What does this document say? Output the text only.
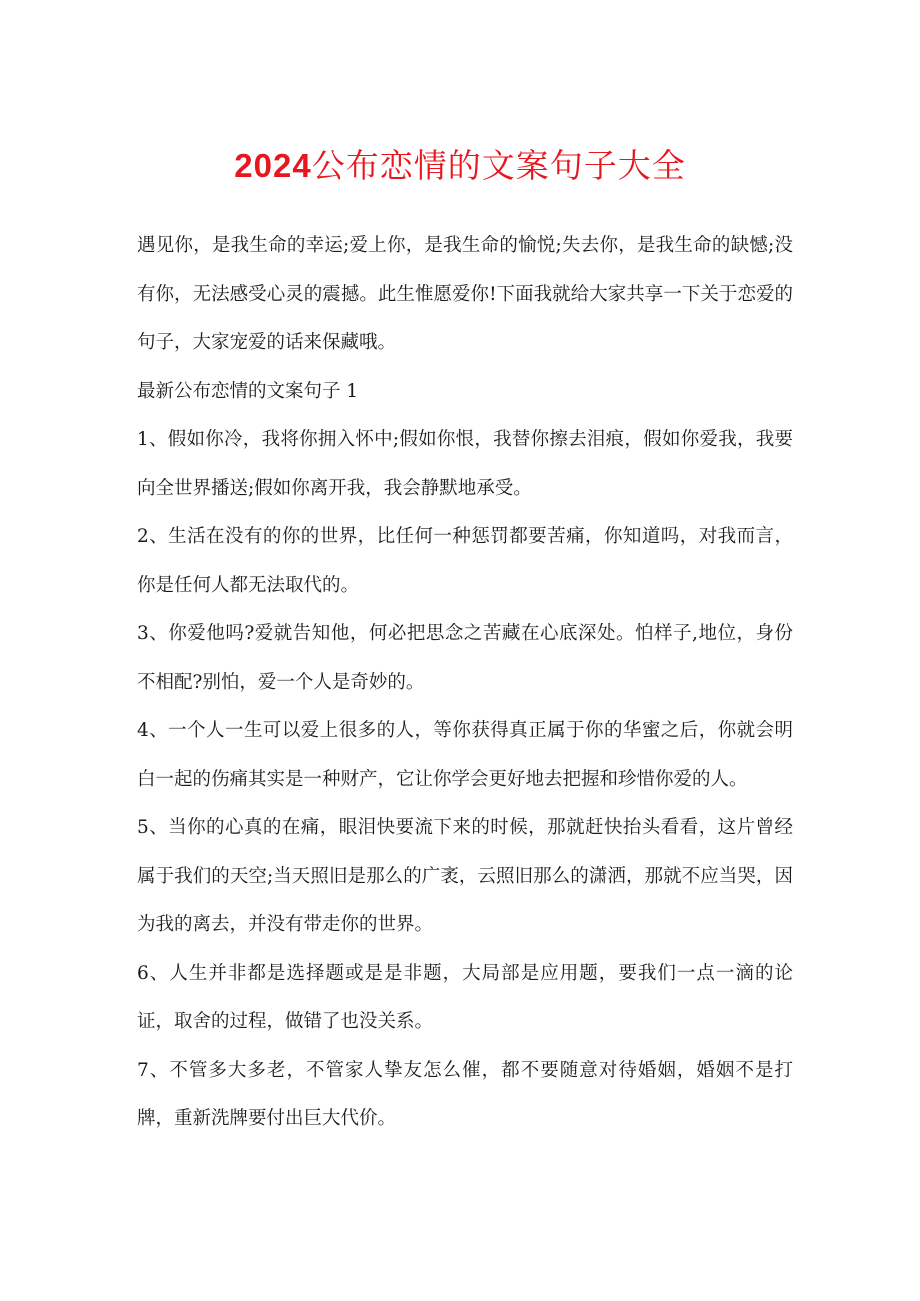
2024公布恋情的文案句子大全

遇见你，是我生命的幸运;爱上你，是我生命的愉悦;失去你，是我生命的缺憾;没有你，无法感受心灵的震撼。此生惟愿爱你!下面我就给大家共享一下关于恋爱的句子，大家宠爱的话来保藏哦。

最新公布恋情的文案句子 1

1、假如你冷，我将你拥入怀中;假如你恨，我替你擦去泪痕，假如你爱我，我要向全世界播送;假如你离开我，我会静默地承受。

2、生活在没有的你的世界，比任何一种惩罚都要苦痛，你知道吗，对我而言，你是任何人都无法取代的。

3、你爱他吗?爱就告知他，何必把思念之苦藏在心底深处。怕样子,地位，身份不相配?别怕，爱一个人是奇妙的。

4、一个人一生可以爱上很多的人，等你获得真正属于你的华蜜之后，你就会明白一起的伤痛其实是一种财产，它让你学会更好地去把握和珍惜你爱的人。

5、当你的心真的在痛，眼泪快要流下来的时候，那就赶快抬头看看，这片曾经属于我们的天空;当天照旧是那么的广袤，云照旧那么的潇洒，那就不应当哭，因为我的离去，并没有带走你的世界。

6、人生并非都是选择题或是是非题，大局部是应用题，要我们一点一滴的论证，取舍的过程，做错了也没关系。

7、不管多大多老，不管家人挚友怎么催，都不要随意对待婚姻，婚姻不是打牌，重新洗牌要付出巨大代价。
